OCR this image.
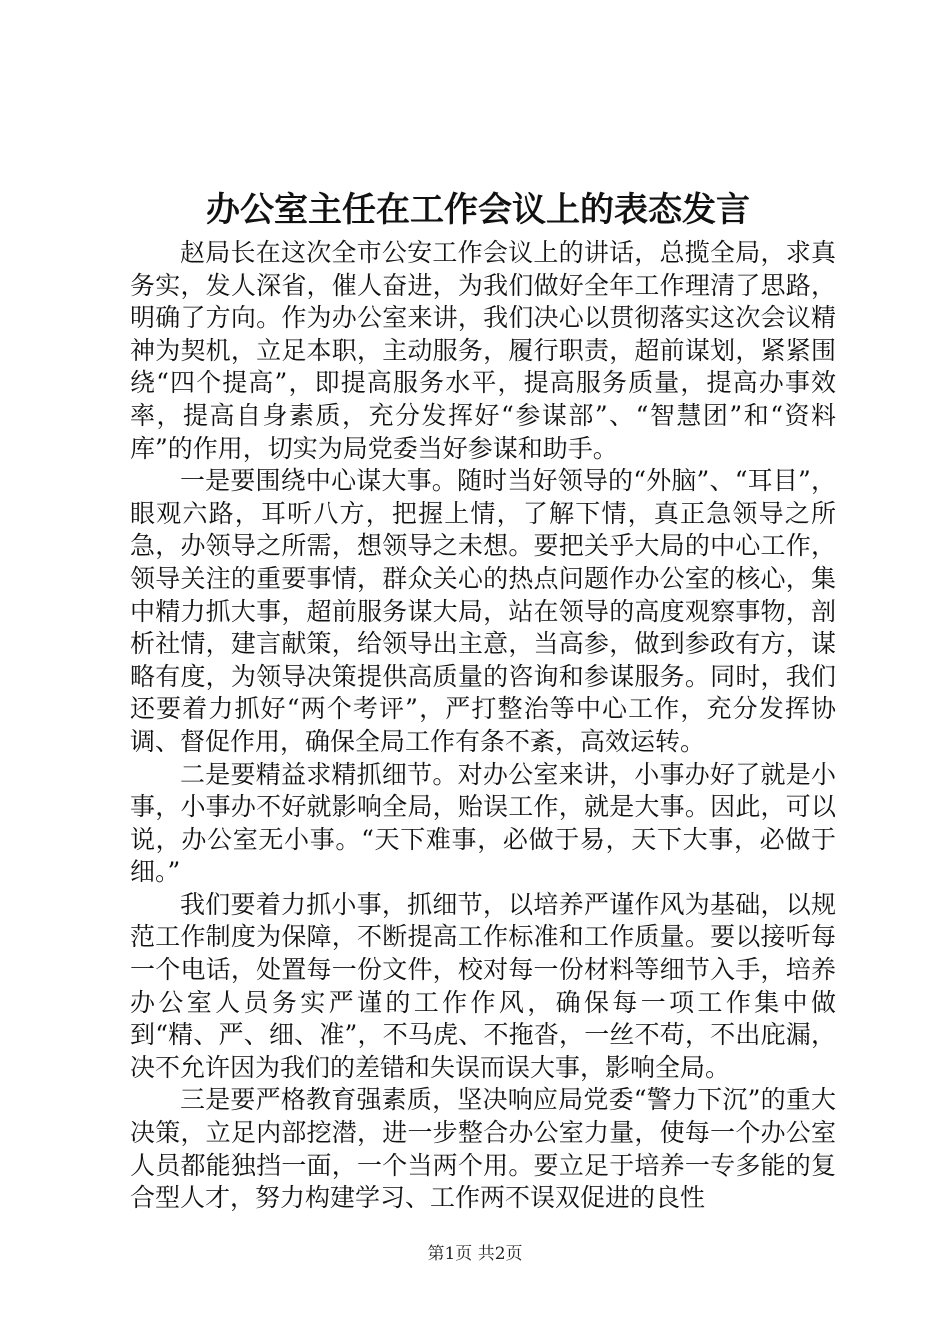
办公室主任在工作会议上的表态发言

赵局长在这次全市公安工作会议上的讲话，总揽全局，求真务实，发人深省，催人奋进，为我们做好全年工作理清了思路，明确了方向。作为办公室来讲，我们决心以贯彻落实这次会议精神为契机，立足本职，主动服务，履行职责，超前谋划，紧紧围绕“四个提高”，即提高服务水平，提高服务质量，提高办事效率，提高自身素质，充分发挥好“参谋部”、“智慧团”和“资料库”的作用，切实为局党委当好参谋和助手。

一是要围绕中心谋大事。随时当好领导的“外脑”、“耳目”，眼观六路，耳听八方，把握上情，了解下情，真正急领导之所急，办领导之所需，想领导之未想。要把关乎大局的中心工作，领导关注的重要事情，群众关心的热点问题作办公室的核心，集中精力抓大事，超前服务谋大局，站在领导的高度观察事物，剖析社情，建言献策，给领导出主意，当高参，做到参政有方，谋略有度，为领导决策提供高质量的咨询和参谋服务。同时，我们还要着力抓好“两个考评”，严打整治等中心工作，充分发挥协调、督促作用，确保全局工作有条不紊，高效运转。

二是要精益求精抓细节。对办公室来讲，小事办好了就是小事，小事办不好就影响全局，贻误工作，就是大事。因此，可以说，办公室无小事。“天下难事，必做于易，天下大事，必做于细。”

我们要着力抓小事，抓细节，以培养严谨作风为基础，以规范工作制度为保障，不断提高工作标准和工作质量。要以接听每一个电话，处置每一份文件，校对每一份材料等细节入手，培养办公室人员务实严谨的工作作风，确保每一项工作集中做到“精、严、细、准”，不马虎、不拖沓，一丝不苟，不出庇漏，决不允许因为我们的差错和失误而误大事，影响全局。

三是要严格教育强素质，坚决响应局党委“警力下沉”的重大决策，立足内部挖潜，进一步整合办公室力量，使每一个办公室人员都能独挡一面，一个当两个用。要立足于培养一专多能的复合型人才，努力构建学习、工作两不误双促进的良性

第1页 共2页
